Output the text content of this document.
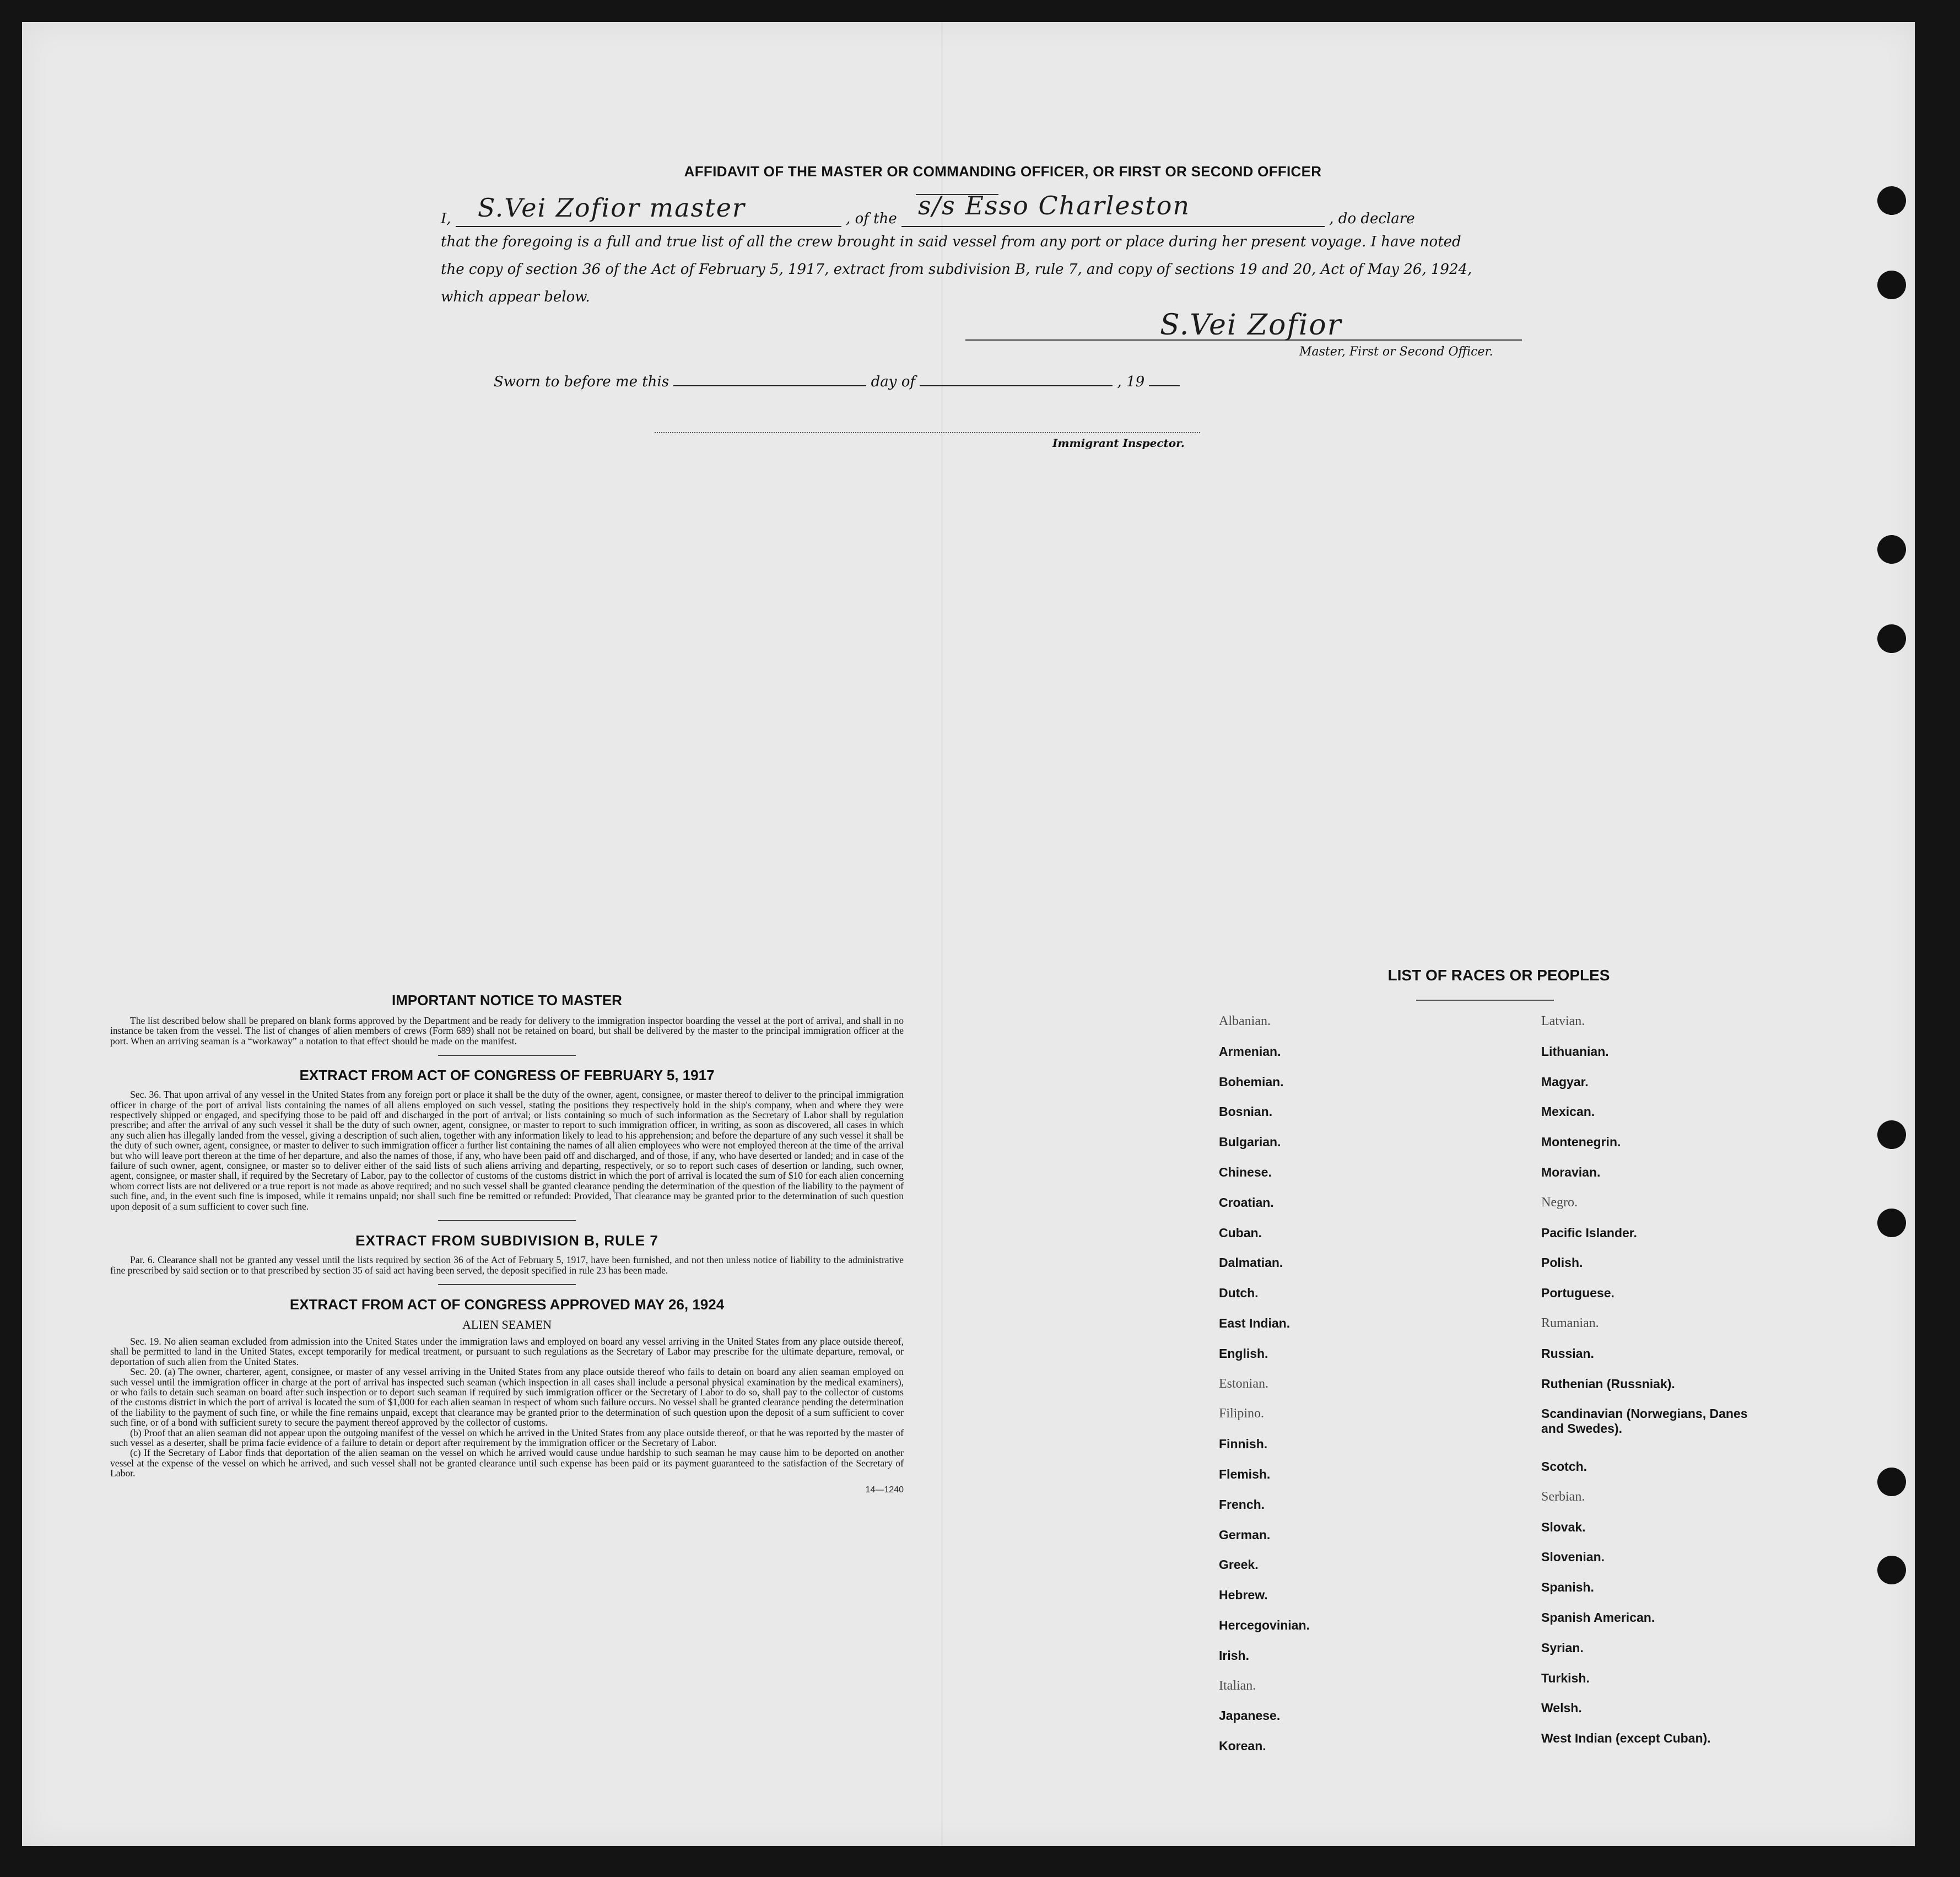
AFFIDAVIT OF THE MASTER OR COMMANDING OFFICER, OR FIRST OR SECOND OFFICER
I, S.Vei Zofior master	, of the s/s Esso Charleston	, do declare
that the foregoing is a full and true list of all the crew brought in said vessel from any port or place during her present voyage. I have noted
the copy of section 36 of the Act of February 5, 1917, extract from subdivision B, rule 7, and copy of sections 19 and 20, Act of May 26, 1924,
which appear below.
S.Vei Zofior
Master, First or Second Officer.
Sworn to before me this	day of	, 19
Immigrant Inspector.
IMPORTANT NOTICE TO MASTER

The list described below shall be prepared on blank forms approved by the Department and be ready for delivery to the immigration inspector boarding the vessel at the port of arrival, and shall in no instance be taken from the vessel. The list of changes of alien members of crews (Form 689) shall not be retained on board, but shall be delivered by the master to the principal immigration officer at the port. When an arriving seaman is a “workaway” a notation to that effect should be made on the manifest.

EXTRACT FROM ACT OF CONGRESS OF FEBRUARY 5, 1917

Sec. 36. That upon arrival of any vessel in the United States from any foreign port or place it shall be the duty of the owner, agent, consignee, or master thereof to deliver to the principal immigration officer in charge of the port of arrival lists containing the names of all aliens employed on such vessel, stating the positions they respectively hold in the ship's company, when and where they were respectively shipped or engaged, and specifying those to be paid off and discharged in the port of arrival; or lists containing so much of such information as the Secretary of Labor shall by regulation prescribe; and after the arrival of any such vessel it shall be the duty of such owner, agent, consignee, or master to report to such immigration officer, in writing, as soon as discovered, all cases in which any such alien has illegally landed from the vessel, giving a description of such alien, together with any information likely to lead to his apprehension; and before the departure of any such vessel it shall be the duty of such owner, agent, consignee, or master to deliver to such immigration officer a further list containing the names of all alien employees who were not employed thereon at the time of the arrival but who will leave port thereon at the time of her departure, and also the names of those, if any, who have been paid off and discharged, and of those, if any, who have deserted or landed; and in case of the failure of such owner, agent, consignee, or master so to deliver either of the said lists of such aliens arriving and departing, respectively, or so to report such cases of desertion or landing, such owner, agent, consignee, or master shall, if required by the Secretary of Labor, pay to the collector of customs of the customs district in which the port of arrival is located the sum of $10 for each alien concerning whom correct lists are not delivered or a true report is not made as above required; and no such vessel shall be granted clearance pending the determination of the question of the liability to the payment of such fine, and, in the event such fine is imposed, while it remains unpaid; nor shall such fine be remitted or refunded: Provided, That clearance may be granted prior to the determination of such question upon deposit of a sum sufficient to cover such fine.

EXTRACT FROM SUBDIVISION B, RULE 7

Par. 6. Clearance shall not be granted any vessel until the lists required by section 36 of the Act of February 5, 1917, have been furnished, and not then unless notice of liability to the administrative fine prescribed by said section or to that prescribed by section 35 of said act having been served, the deposit specified in rule 23 has been made.

EXTRACT FROM ACT OF CONGRESS APPROVED MAY 26, 1924
ALIEN SEAMEN

Sec. 19. No alien seaman excluded from admission into the United States under the immigration laws and employed on board any vessel arriving in the United States from any place outside thereof, shall be permitted to land in the United States, except temporarily for medical treatment, or pursuant to such regulations as the Secretary of Labor may prescribe for the ultimate departure, removal, or deportation of such alien from the United States.

Sec. 20. (a) The owner, charterer, agent, consignee, or master of any vessel arriving in the United States from any place outside thereof who fails to detain on board any alien seaman employed on such vessel until the immigration officer in charge at the port of arrival has inspected such seaman (which inspection in all cases shall include a personal physical examination by the medical examiners), or who fails to detain such seaman on board after such inspection or to deport such seaman if required by such immigration officer or the Secretary of Labor to do so, shall pay to the collector of customs of the customs district in which the port of arrival is located the sum of $1,000 for each alien seaman in respect of whom such failure occurs. No vessel shall be granted clearance pending the determination of the liability to the payment of such fine, or while the fine remains unpaid, except that clearance may be granted prior to the determination of such question upon the deposit of a sum sufficient to cover such fine, or of a bond with sufficient surety to secure the payment thereof approved by the collector of customs.

(b) Proof that an alien seaman did not appear upon the outgoing manifest of the vessel on which he arrived in the United States from any place outside thereof, or that he was reported by the master of such vessel as a deserter, shall be prima facie evidence of a failure to detain or deport after requirement by the immigration officer or the Secretary of Labor.

(c) If the Secretary of Labor finds that deportation of the alien seaman on the vessel on which he arrived would cause undue hardship to such seaman he may cause him to be deported on another vessel at the expense of the vessel on which he arrived, and such vessel shall not be granted clearance until such expense has been paid or its payment guaranteed to the satisfaction of the Secretary of Labor.

14—1240
LIST OF RACES OR PEOPLES
Albanian.
Armenian.
Bohemian.
Bosnian.
Bulgarian.
Chinese.
Croatian.
Cuban.
Dalmatian.
Dutch.
East Indian.
English.
Estonian.
Filipino.
Finnish.
Flemish.
French.
German.
Greek.
Hebrew.
Hercegovinian.
Irish.
Italian.
Japanese.
Korean.
Latvian.
Lithuanian.
Magyar.
Mexican.
Montenegrin.
Moravian.
Negro.
Pacific Islander.
Polish.
Portuguese.
Rumanian.
Russian.
Ruthenian (Russniak).
Scandinavian (Norwegians, Danes and Swedes).
Scotch.
Serbian.
Slovak.
Slovenian.
Spanish.
Spanish American.
Syrian.
Turkish.
Welsh.
West Indian (except Cuban).
